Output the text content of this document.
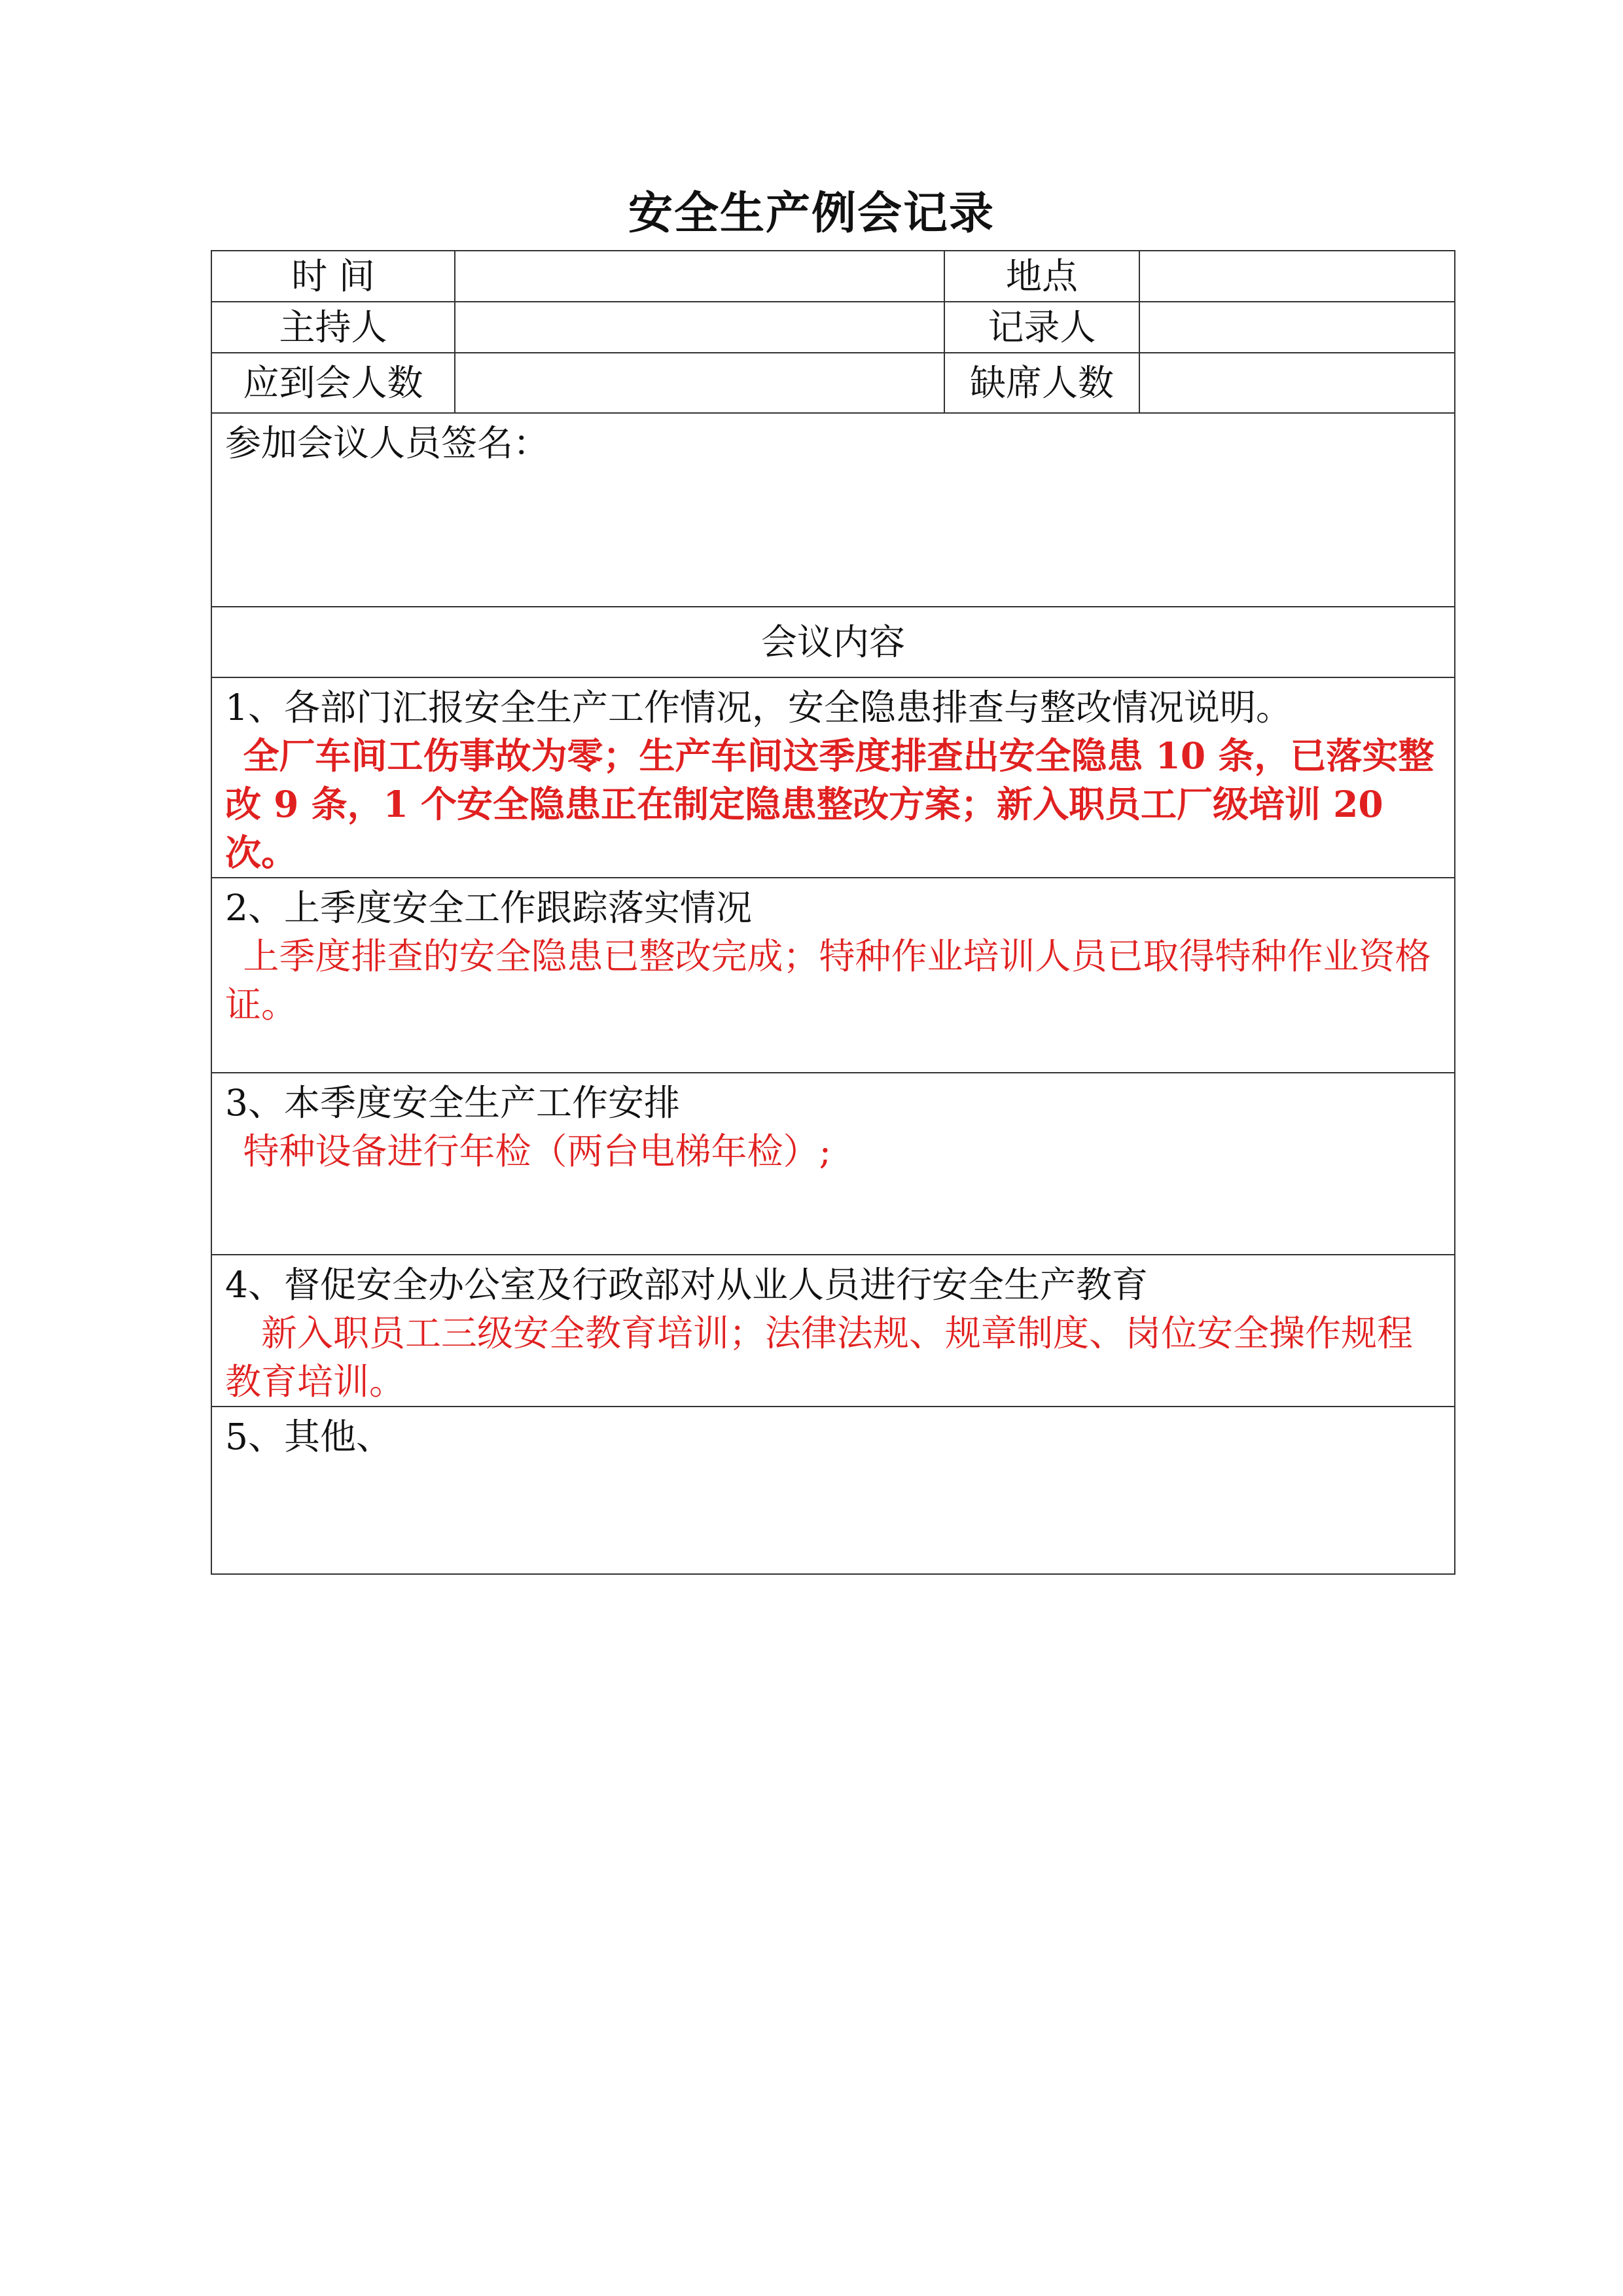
安全生产例会记录
时 间		地点	
主持人		记录人	
应到会人数		缺席人数	
参加会议人员签名：			
会议内容			

1、各部门汇报安全生产工作情况，安全隐患排查与整改情况说明。
全厂车间工伤事故为零；生产车间这季度排查出安全隐患 10 条，已落实整改 9 条，1 个安全隐患正在制定隐患整改方案；新入职员工厂级培训 20 次。			

2、上季度安全工作跟踪落实情况
上季度排查的安全隐患已整改完成；特种作业培训人员已取得特种作业资格证。			

3、本季度安全生产工作安排
特种设备进行年检（两台电梯年检）;			

4、督促安全办公室及行政部对从业人员进行安全生产教育
新入职员工三级安全教育培训；法律法规、规章制度、岗位安全操作规程教育培训。			

5、其他、			
